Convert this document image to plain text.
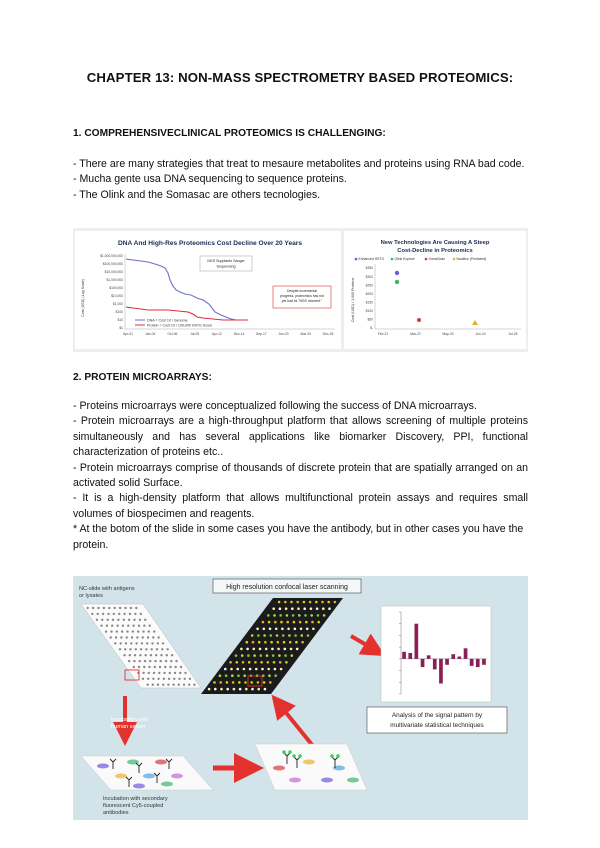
CHAPTER 13: NON-MASS SPECTROMETRY BASED PROTEOMICS:
1. COMPREHENSIVECLINICAL PROTEOMICS IS CHALLENGING:
- There are many strategies that treat to mesaure metabolites and proteins using RNA bad code.
- Mucha gente usa DNA sequencing to sequence proteins.
- The Olink and the Somasac are others tecnologies.
DNA And High-Res Proteomics Cost Decline Over 20 Years
Cost (USD) (Log Scale)
$1,000,000,000
$100,000,000
$10,000,000
$1,000,000
$100,000
$10,000
$1,000
$100
$10
$1
Apr-01	Jan-04	Oct-06	Jul-09	Apr-12	Dec-14	Sep-17	Jun-20	Mar-23	Dec-25
NGS Supplants Sanger
Sequencing
Despite incremental
progress, proteomics has not
yet had its "NGS moment."
DNA = Cost 10 / Genome
Protein = Cost 10 / 100,000 HSTG Score
New Technologies Are Causing A Steep
Cost-Decline in Proteomics
Enhanced HSTG	Olink Explore	SomaScan	Nautilus (Predicted)
Cost (USD) / 1,000 Proteins
$350
$300
$250
$200
$150
$100
$50
$-
Feb-21	Mar-22	May-23	Jun-24	Jul-25
2. PROTEIN MICROARRAYS:
- Proteins microarrays were conceptualized following the success of DNA microarrays.
- Protein microarrays are a high-throughput platform that allows screening of multiple proteins simultaneously and has several applications like biomarker Discovery, PPI, functional characterization of proteins etc..
- Protein microarrays comprise of thousands of discrete protein that are spatially arranged on an activated solid Surface.
- It is a high-density platform that allows multifunctional protein assays and requires small volumes of biospecimen and reagents.
* At the botom of the slide in some cases you have the antibody, but in other cases you have the protein.
NC-slide with antigens
or lysates
High resolution confocal laser scanning
Incubation with
human serum
Incubation with secondary
fluorescent Cy5-coupled
antibodies
Analysis of the signal pattern by
multivariate statistical techniques
